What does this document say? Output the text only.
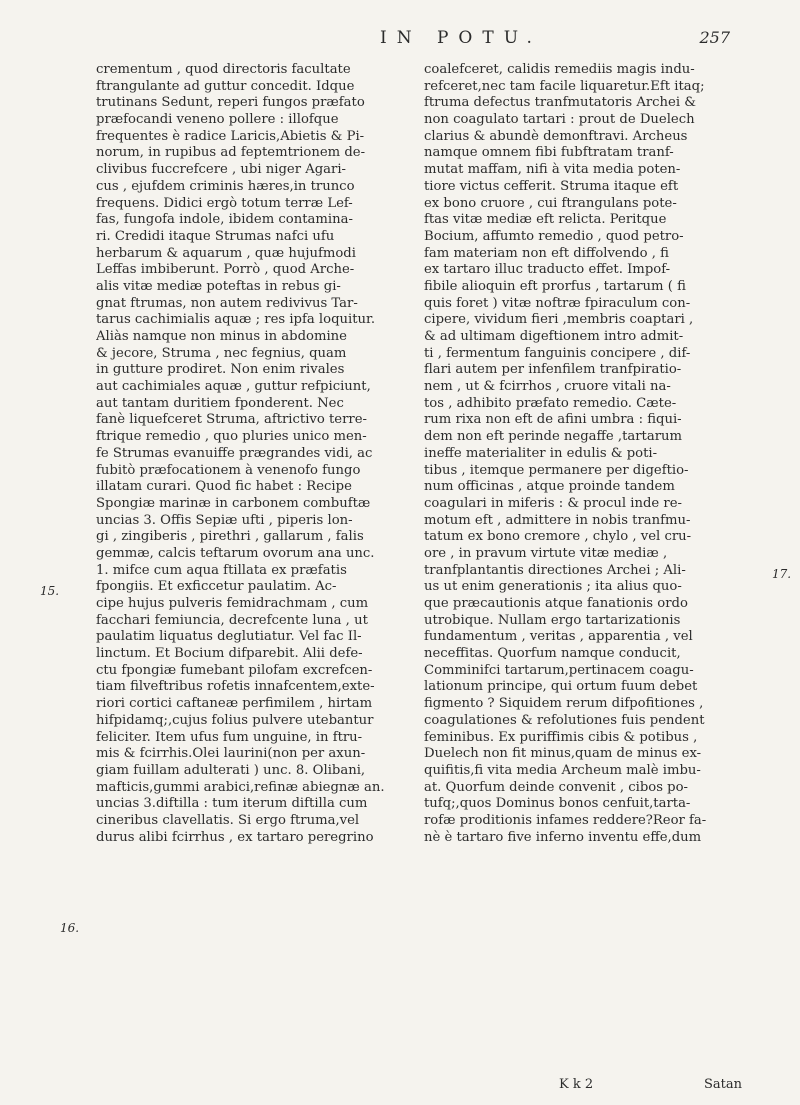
IN POTU.	257
15.
16.
17.
crementum , quod directoris facultate
ftrangulante ad guttur concedit. Idque
trutinans Sedunt, reperi fungos præfato
præfocandi veneno pollere : illofque
frequentes è radice Laricis,Abietis & Pi-
norum, in rupibus ad feptemtrionem de-
clivibus fuccrefcere , ubi niger Agari-
cus , ejufdem criminis hæres,in trunco
frequens. Didici ergò totum terræ Lef-
fas, fungofa indole, ibidem contamina-
ri. Credidi itaque Strumas nafci ufu
herbarum & aquarum , quæ hujufmodi
Leffas imbiberunt. Porrò , quod Arche-
alis vitæ mediæ poteftas in rebus gi-
gnat ftrumas, non autem redivivus Tar-
tarus cachimialis aquæ ; res ipfa loquitur.
Aliàs namque non minus in abdomine
& jecore, Struma , nec fegnius, quam
in gutture prodiret. Non enim rivales
aut cachimiales aquæ , guttur refpiciunt,
aut tantam duritiem fponderent. Nec
fanè liquefceret Struma, aftrictivo terre-
ftrique remedio , quo pluries unico men-
fe Strumas evanuiffe prægrandes vidi, ac
fubitò præfocationem à venenofo fungo
illatam curari. Quod fic habet : Recipe
Spongiæ marinæ in carbonem combuftæ
uncias 3. Offis Sepiæ ufti , piperis lon-
gi , zingiberis , pirethri , gallarum , falis
gemmæ, calcis teftarum ovorum ana unc.
1. mifce cum aqua ftillata ex præfatis
fpongiis. Et exficcetur paulatim. Ac-
cipe hujus pulveris femidrachmam , cum
facchari femiuncia, decrefcente luna , ut
paulatim liquatus deglutiatur. Vel fac Il-
linctum. Et Bocium difparebit. Alii defe-
ctu fpongiæ fumebant pilofam excrefcen-
tiam filveftribus rofetis innafcentem,exte-
riori cortici caftaneæ perfimilem , hirtam
hifpidamq;,cujus folius pulvere utebantur
feliciter. Item ufus fum unguine, in ftru-
mis & fcirrhis.Olei laurini(non per axun-
giam fuillam adulterati ) unc. 8. Olibani,
mafticis,gummi arabici,refinæ abiegnæ an.
uncias 3.diftilla : tum iterum diftilla cum
cineribus clavellatis. Si ergo ftruma,vel
durus alibi fcirrhus , ex tartaro peregrino
coalefceret, calidis remediis magis indu-
refceret,nec tam facile liquaretur.Eft itaq;
ftruma defectus tranfmutatoris Archei &
non coagulato tartari : prout de Duelech
clarius & abundè demonftravi. Archeus
namque omnem fibi fubftratam tranf-
mutat maffam, nifi à vita media poten-
tiore victus cefferit. Struma itaque eft
ex bono cruore , cui ftrangulans pote-
ftas vitæ mediæ eft relicta. Peritque
Bocium, affumto remedio , quod petro-
fam materiam non eft diffolvendo , fi
ex tartaro illuc traducto effet. Impof-
fibile alioquin eft prorfus , tartarum ( fi
quis foret ) vitæ noftræ fpiraculum con-
cipere, vividum fieri ,membris coaptari ,
& ad ultimam digeftionem intro admit-
ti , fermentum fanguinis concipere , dif-
flari autem per infenfilem tranfpiratio-
nem , ut & fcirrhos , cruore vitali na-
tos , adhibito præfato remedio. Cæte-
rum rixa non eft de afini umbra : fiqui-
dem non eft perinde negaffe ,tartarum
ineffe materialiter in edulis & poti-
tibus , itemque permanere per digeftio-
num officinas , atque proinde tandem
coagulari in miferis : & procul inde re-
motum eft , admittere in nobis tranfmu-
tatum ex bono cremore , chylo , vel cru-
ore , in pravum virtute vitæ mediæ ,
tranfplantantis directiones Archei ; Ali-
us ut enim generationis ; ita alius quo-
que præcautionis atque fanationis ordo
utrobique. Nullam ergo tartarizationis
fundamentum , veritas , apparentia , vel
neceffitas. Quorfum namque conducit,
Comminifci tartarum,pertinacem coagu-
lationum principe, qui ortum fuum debet
figmento ? Siquidem rerum difpofitiones ,
coagulationes & refolutiones fuis pendent
feminibus. Ex puriffimis cibis & potibus ,
Duelech non fit minus,quam de minus ex-
quifitis,fi vita media Archeum malè imbu-
at. Quorfum deinde convenit , cibos po-
tufq;,quos Dominus bonos cenfuit,tarta-
rofæ proditionis infames reddere?Reor fa-
nè è tartaro five inferno inventu effe,dum
K k 2	Satan
